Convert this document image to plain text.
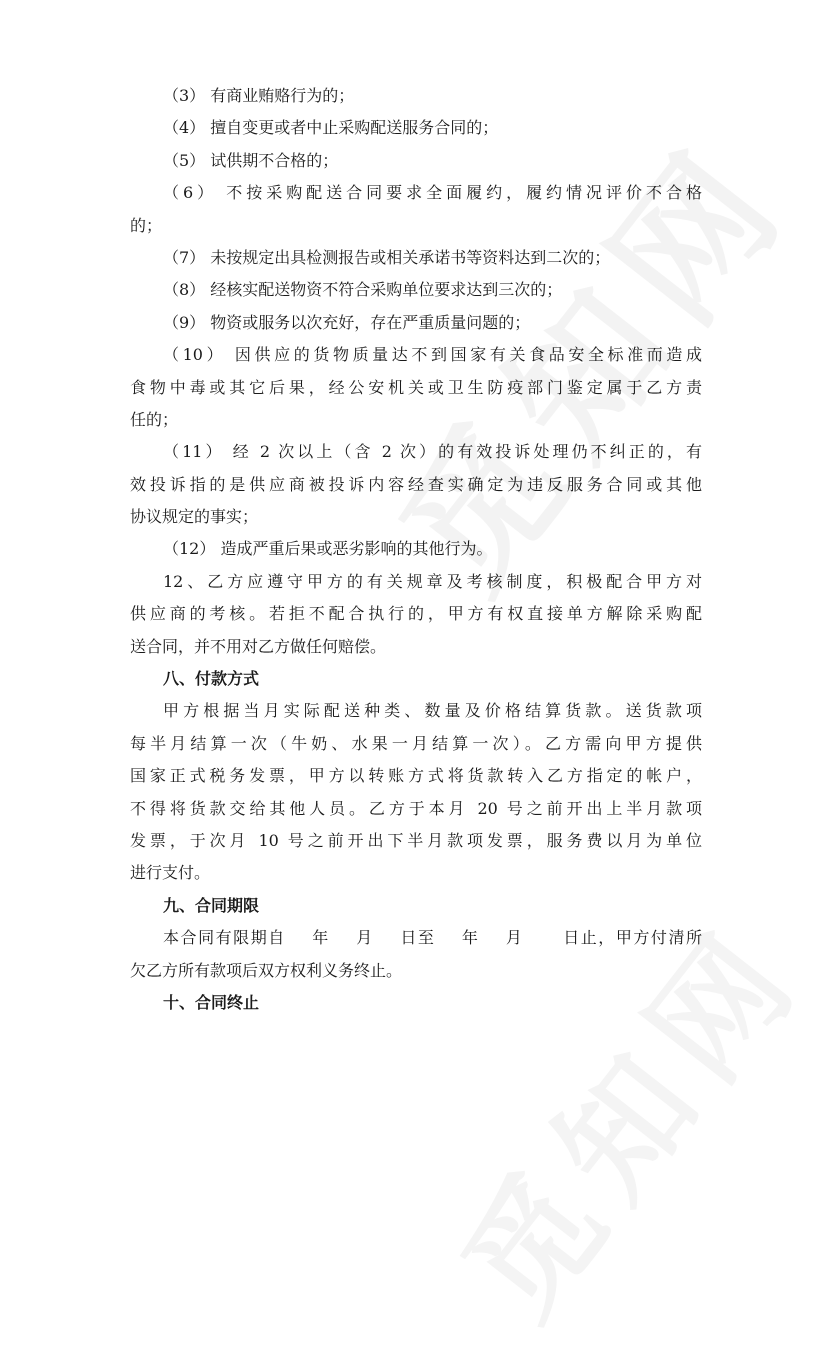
（3） 有商业贿赂行为的；

（4） 擅自变更或者中止采购配送服务合同的；

（5） 试供期不合格的；

（6） 不按采购配送合同要求全面履约，履约情况评价不合格

的；

（7） 未按规定出具检测报告或相关承诺书等资料达到二次的；

（8） 经核实配送物资不符合采购单位要求达到三次的；

（9） 物资或服务以次充好，存在严重质量问题的；

（10） 因供应的货物质量达不到国家有关食品安全标准而造成

食物中毒或其它后果，经公安机关或卫生防疫部门鉴定属于乙方责

任的；

（11） 经 2 次以上（含 2 次）的有效投诉处理仍不纠正的，有

效投诉指的是供应商被投诉内容经查实确定为违反服务合同或其他

协议规定的事实；

（12） 造成严重后果或恶劣影响的其他行为。

12、乙方应遵守甲方的有关规章及考核制度，积极配合甲方对

供应商的考核。若拒不配合执行的，甲方有权直接单方解除采购配

送合同，并不用对乙方做任何赔偿。

八、付款方式

甲方根据当月实际配送种类、数量及价格结算货款。送货款项

每半月结算一次（牛奶、水果一月结算一次）。乙方需向甲方提供

国家正式税务发票，甲方以转账方式将货款转入乙方指定的帐户，

不得将货款交给其他人员。乙方于本月 20 号之前开出上半月款项

发票，于次月 10 号之前开出下半月款项发票，服务费以月为单位

进行支付。

九、合同期限

本合同有限期自    年    月    日至    年    月      日止，甲方付清所

欠乙方所有款项后双方权利义务终止。

十、合同终止
